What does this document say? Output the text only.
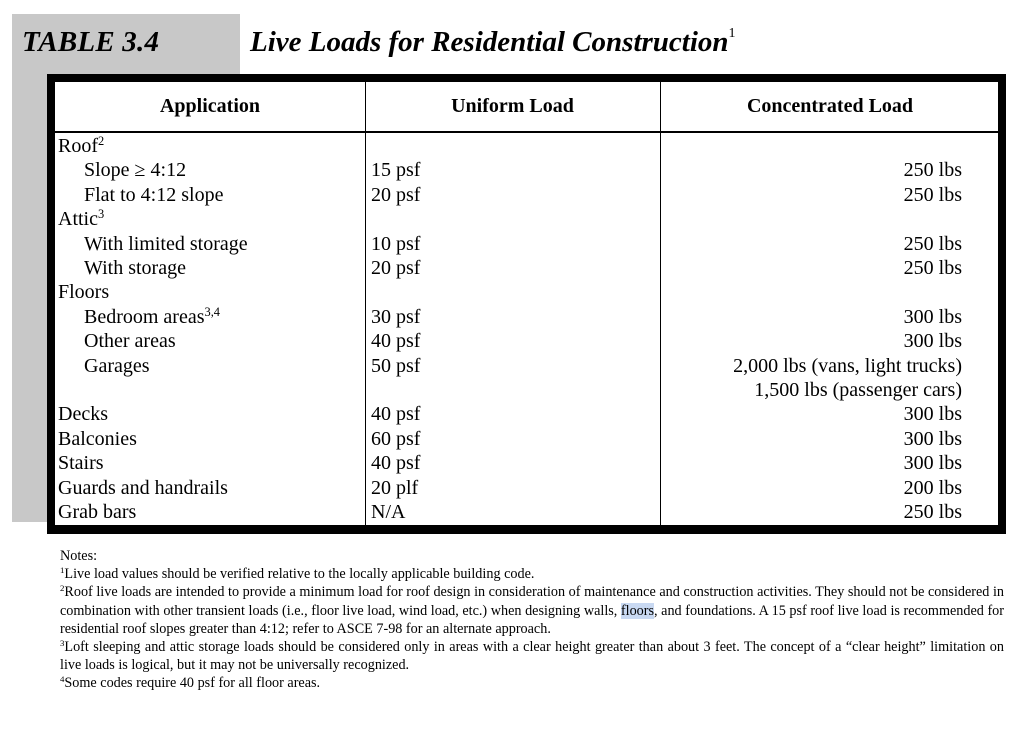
TABLE 3.4	Live Loads for Residential Construction$^1$
Application	Uniform Load	Concentrated Load
Roof$^2$
Slope ≥ 4:12	15 psf	250 lbs
Flat to 4:12 slope	20 psf	250 lbs
Attic$^3$
With limited storage	10 psf	250 lbs
With storage	20 psf	250 lbs
Floors
Bedroom areas$^{3,4}$	30 psf	300 lbs
Other areas	40 psf	300 lbs
Garages	50 psf	2,000 lbs (vans, light trucks)
1,500 lbs (passenger cars)
Decks	40 psf	300 lbs
Balconies	60 psf	300 lbs
Stairs	40 psf	300 lbs
Guards and handrails	20 plf	200 lbs
Grab bars	N/A	250 lbs

Notes:

$^1$Live load values should be verified relative to the locally applicable building code.

$^2$Roof live loads are intended to provide a minimum load for roof design in consideration of maintenance and construction activities. They should not be considered in combination with other transient loads (i.e., floor live load, wind load, etc.) when designing walls, floors, and foundations. A 15 psf roof live load is recommended for residential roof slopes greater than 4:12; refer to ASCE 7-98 for an alternate approach.

$^3$Loft sleeping and attic storage loads should be considered only in areas with a clear height greater than about 3 feet. The concept of a “clear height” limitation on live loads is logical, but it may not be universally recognized.

$^4$Some codes require 40 psf for all floor areas.
